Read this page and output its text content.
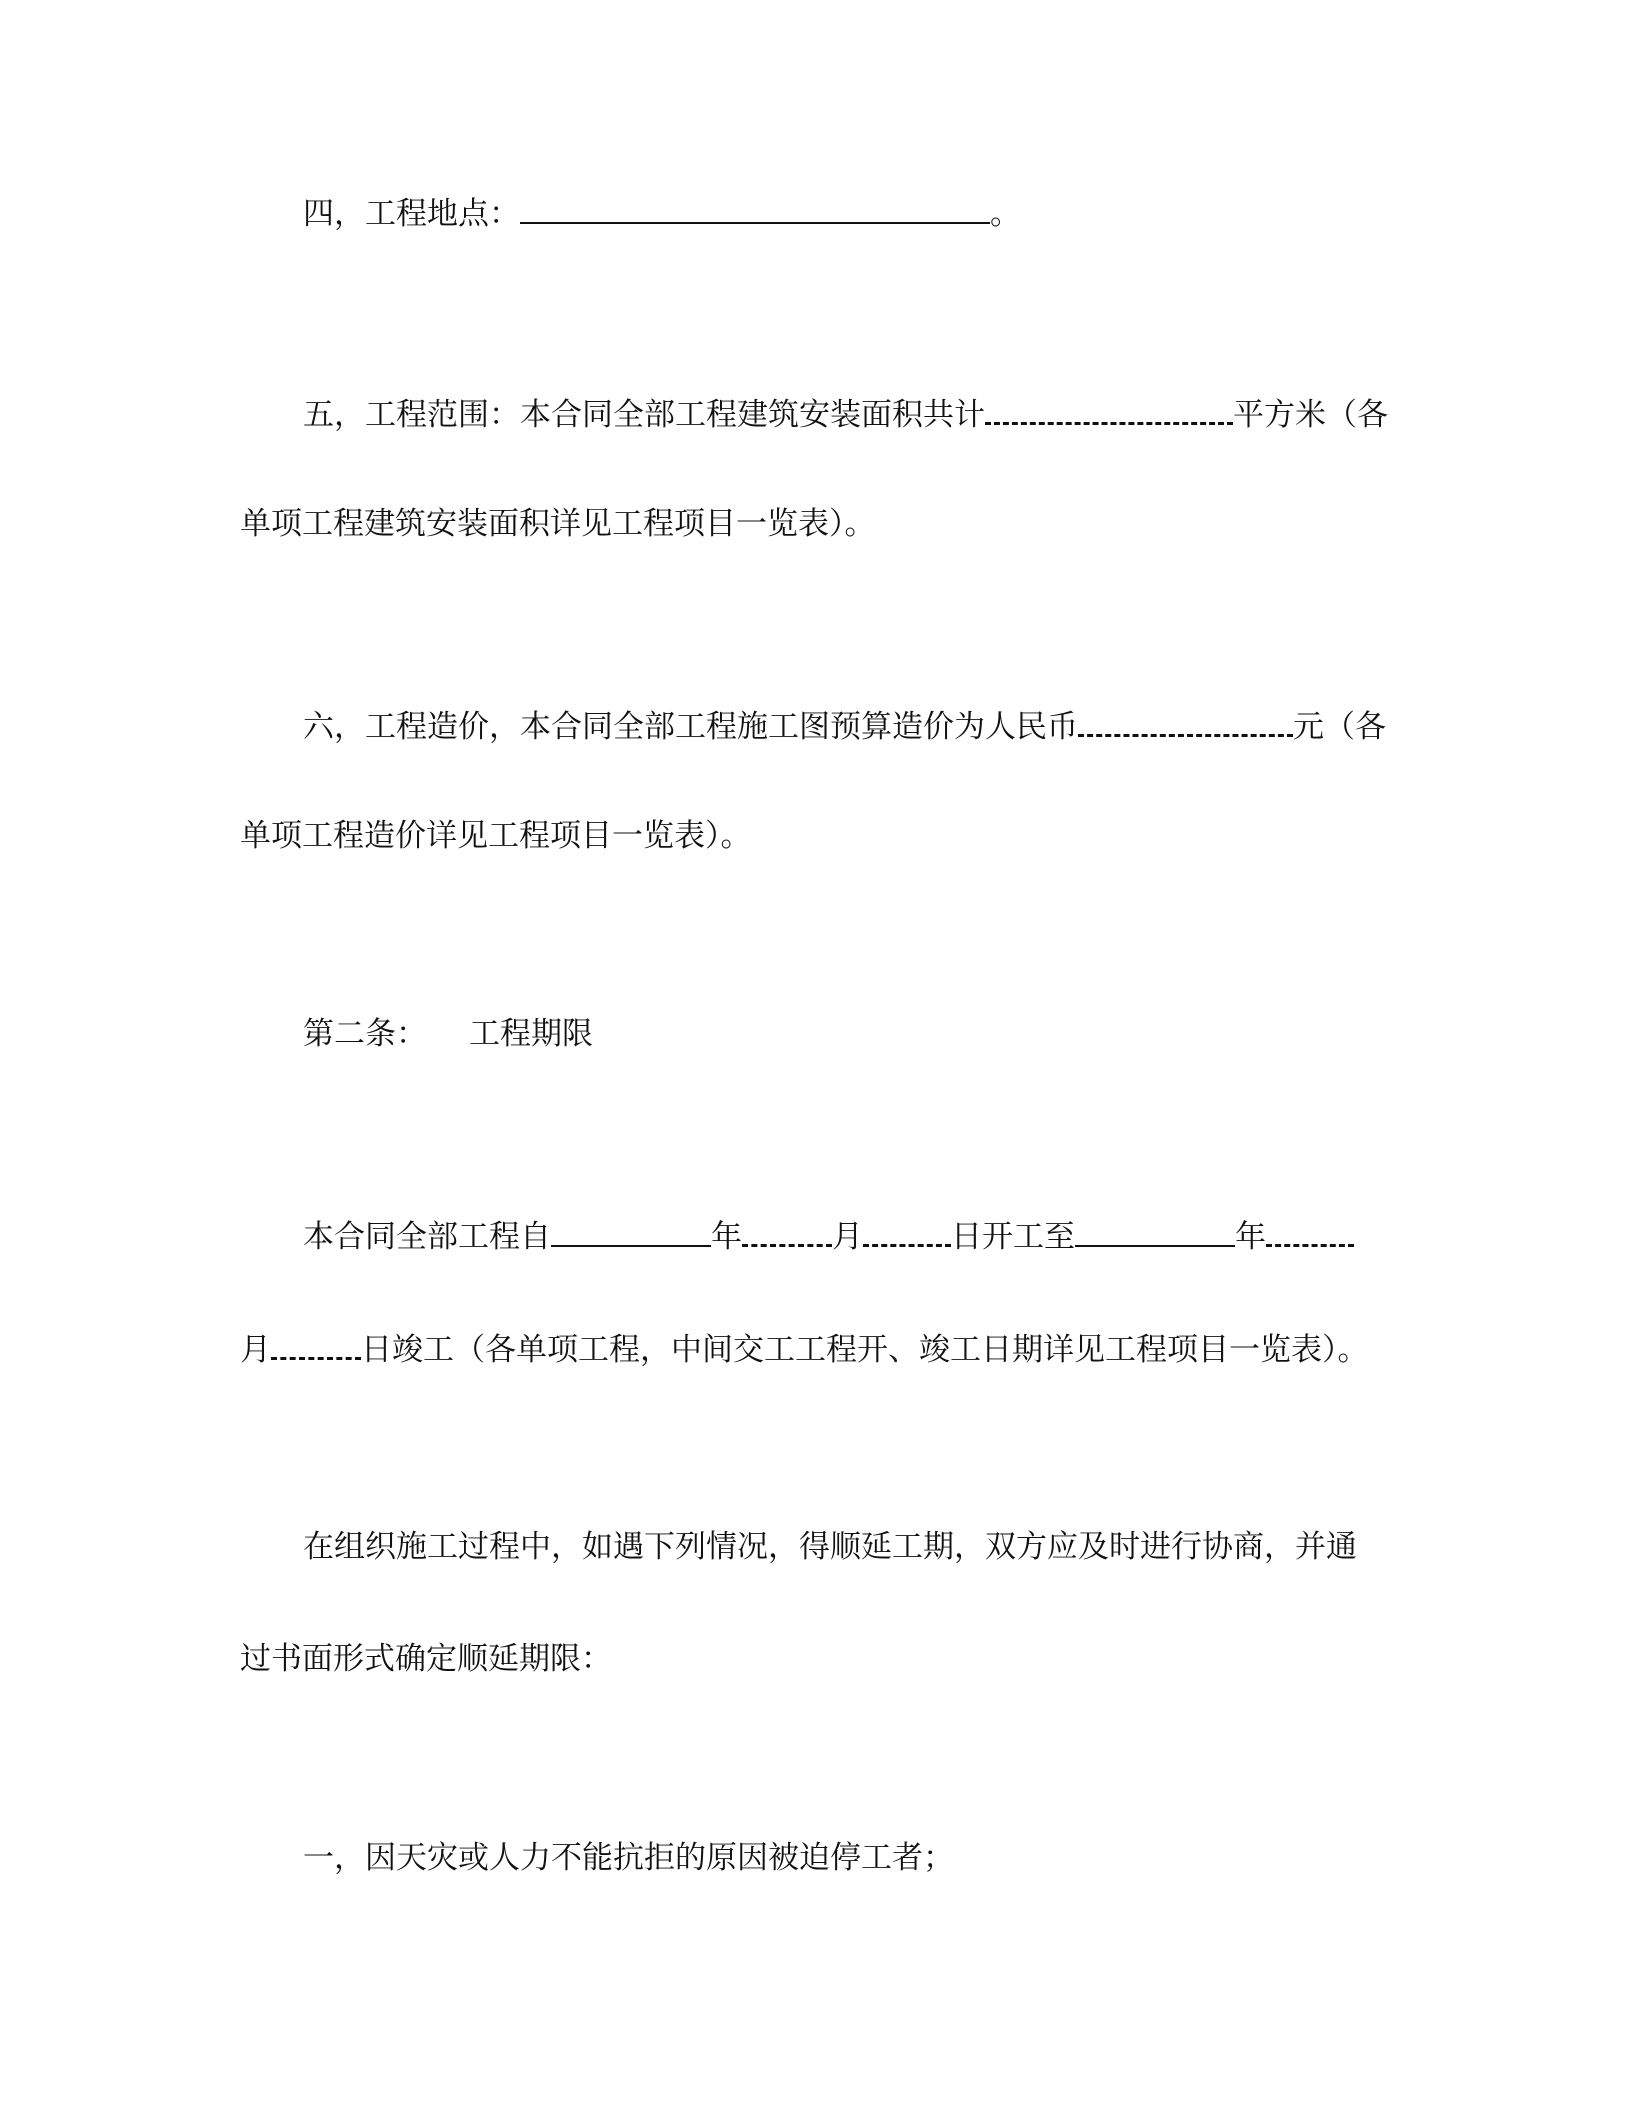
四，工程地点：	。
五，工程范围：本合同全部工程建筑安装面积共计	平方米（各
单项工程建筑安装面积详见工程项目一览表）。
六，工程造价，本合同全部工程施工图预算造价为人民币	元（各
单项工程造价详见工程项目一览表）。
第二条： 工程期限
本合同全部工程自	年	月	日开工至	年
月	日竣工（各单项工程，中间交工工程开、竣工日期详见工程项目一览表）。
在组织施工过程中，如遇下列情况，得顺延工期，双方应及时进行协商，并通
过书面形式确定顺延期限：
一，因天灾或人力不能抗拒的原因被迫停工者；
